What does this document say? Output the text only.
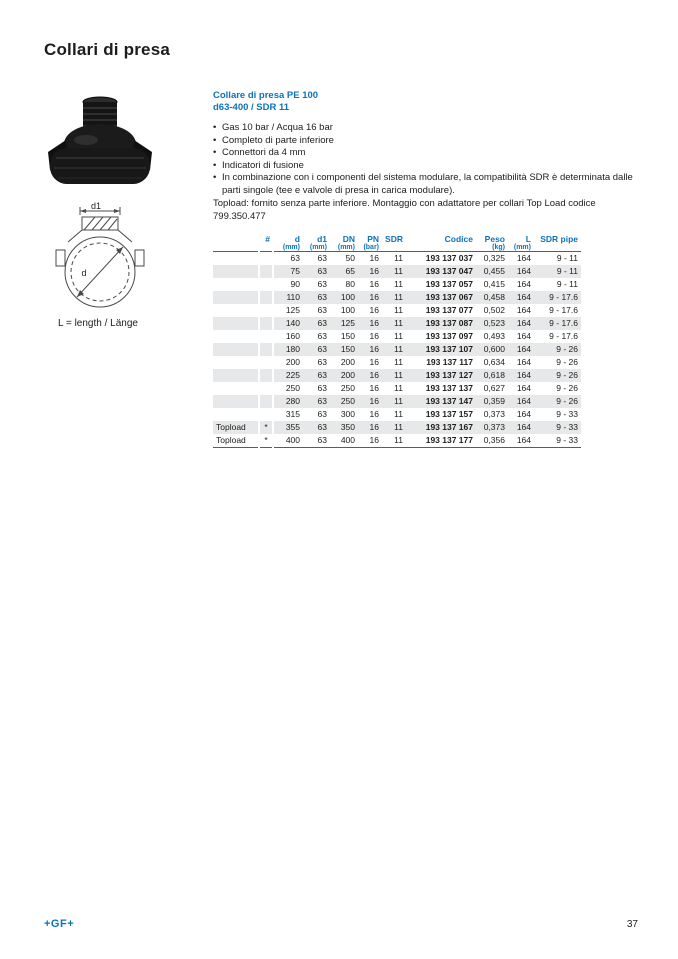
Collari di presa
d1
d
L = length / Länge
Collare di presa PE 100
d63-400 / SDR 11
• Gas 10 bar / Acqua 16 bar
• Completo di parte inferiore
• Connettori da 4 mm
• Indicatori di fusione
• In combinazione con i componenti del sistema modulare, la compatibilità SDR è determinata dalle parti singole (tee e valvole di presa in carica modulare).

Topload: fornito senza parte inferiore. Montaggio con adattatore per collari Top Load codice 799.350.477

	#	d	d1	DN	PN	SDR	Codice	Peso	L	SDR pipe
		(mm)	(mm)	(mm)	(bar)			(kg)	(mm)	
		63	63	50	16	11	193 137 037	0,325	164	9 - 11
		75	63	65	16	11	193 137 047	0,455	164	9 - 11
		90	63	80	16	11	193 137 057	0,415	164	9 - 11
		110	63	100	16	11	193 137 067	0,458	164	9 - 17.6
		125	63	100	16	11	193 137 077	0,502	164	9 - 17.6
		140	63	125	16	11	193 137 087	0,523	164	9 - 17.6
		160	63	150	16	11	193 137 097	0,493	164	9 - 17.6
		180	63	150	16	11	193 137 107	0,600	164	9 - 26
		200	63	200	16	11	193 137 117	0,634	164	9 - 26
		225	63	200	16	11	193 137 127	0,618	164	9 - 26
		250	63	250	16	11	193 137 137	0,627	164	9 - 26
		280	63	250	16	11	193 137 147	0,359	164	9 - 26
		315	63	300	16	11	193 137 157	0,373	164	9 - 33
Topload	*	355	63	350	16	11	193 137 167	0,373	164	9 - 33
Topload	*	400	63	400	16	11	193 137 177	0,356	164	9 - 33
+GF+	37
